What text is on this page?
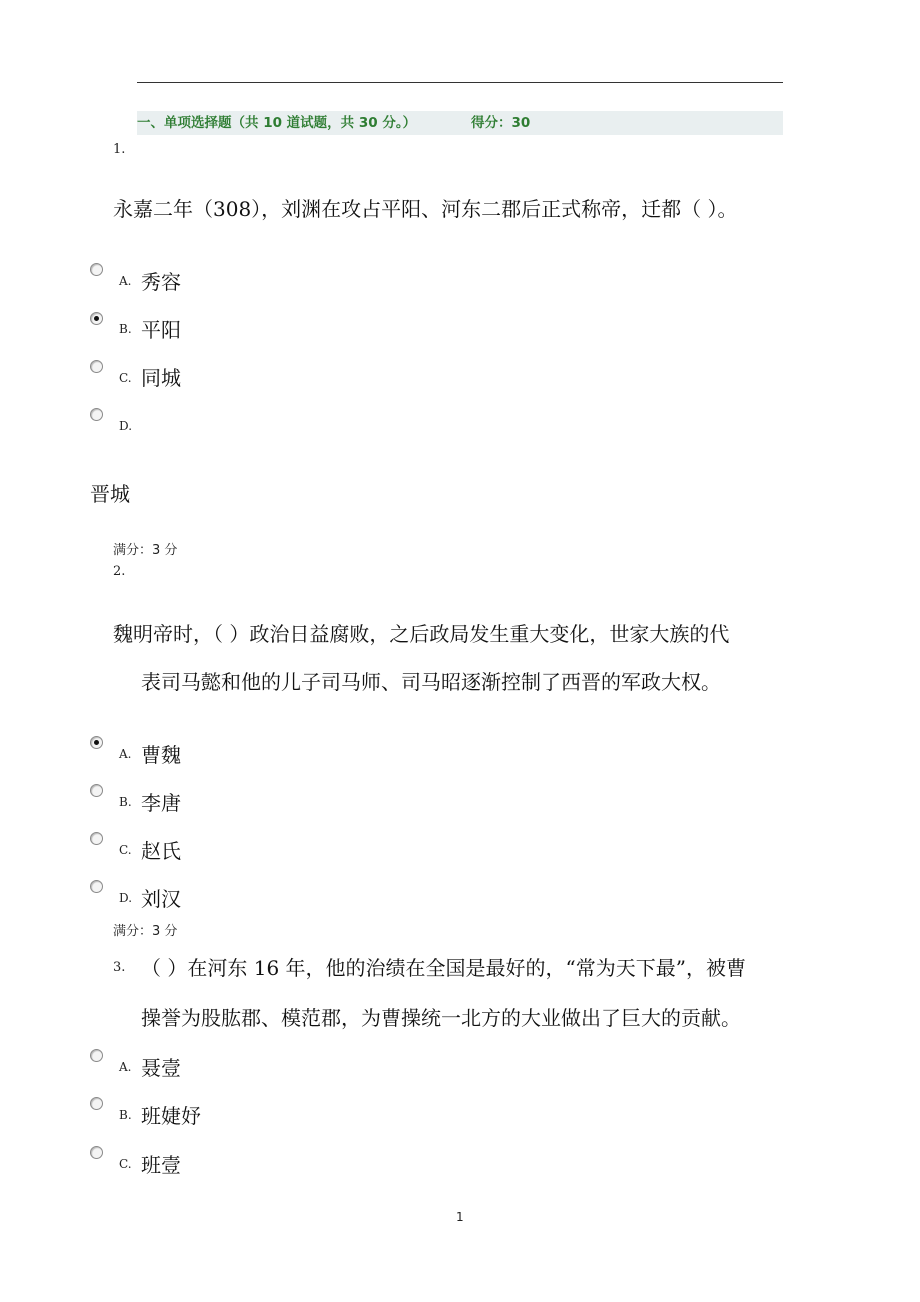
一、单项选择题（共 10 道试题，共 30 分。）	得分：30
1.
永嘉二年（308），刘渊在攻占平阳、河东二郡后正式称帝，迁都（ ）。
A. 秀容
B. 平阳
C. 同城
D.
晋城
满分：3 分
2.
魏明帝时，（ ）政治日益腐败，之后政局发生重大变化，世家大族的代
表司马懿和他的儿子司马师、司马昭逐渐控制了西晋的军政大权。
A. 曹魏
B. 李唐
C. 赵氏
D. 刘汉
满分：3 分
3. （ ）在河东 16 年，他的治绩在全国是最好的，“常为天下最”，被曹
操誉为股肱郡、模范郡，为曹操统一北方的大业做出了巨大的贡献。
A. 聂壹
B. 班婕妤
C. 班壹
1
